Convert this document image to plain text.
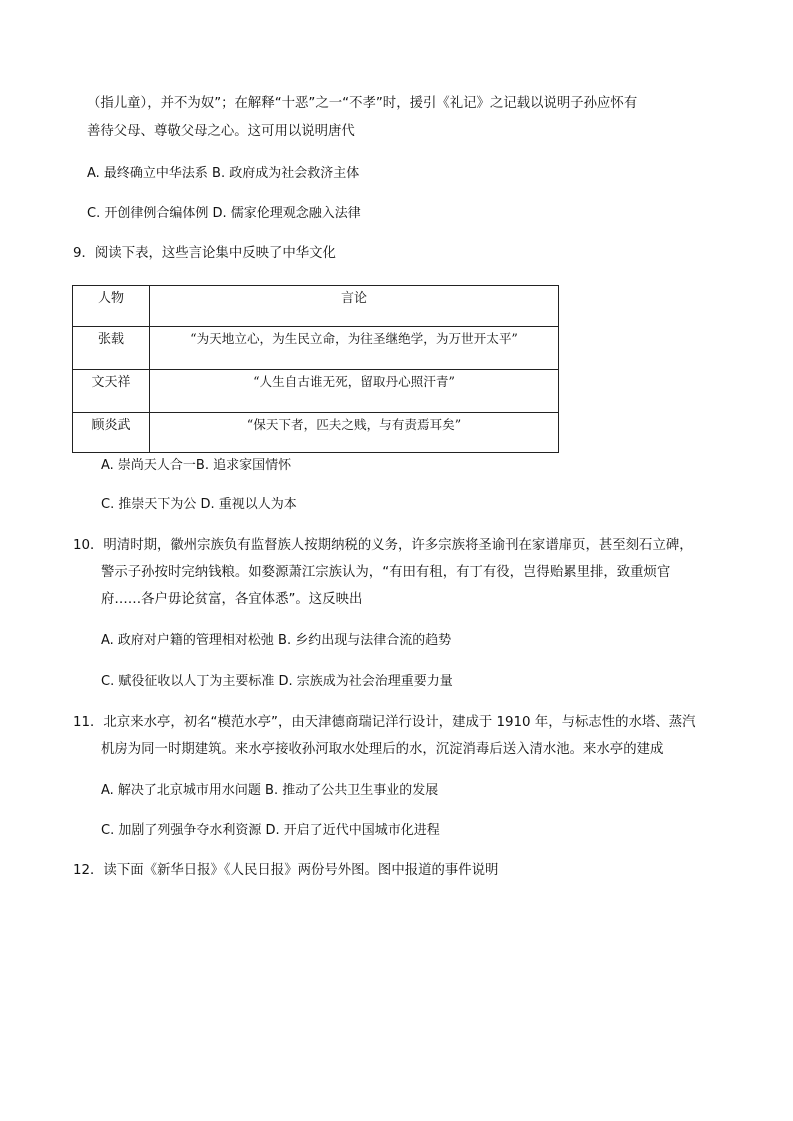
（指儿童），并不为奴”；在解释“十恶”之一“不孝”时，援引《礼记》之记载以说明子孙应怀有
善待父母、尊敬父母之心。这可用以说明唐代
A. 最终确立中华法系 B. 政府成为社会救济主体
C. 开创律例合编体例 D. 儒家伦理观念融入法律
9．阅读下表，这些言论集中反映了中华文化
人物	言论

张载	“为天地立心，为生民立命，为往圣继绝学，为万世开太平”

文天祥	“人生自古谁无死，留取丹心照汗青”

顾炎武	“保天下者，匹夫之贱，与有责焉耳矣”
A. 崇尚天人合一B. 追求家国情怀
C. 推崇天下为公 D. 重视以人为本
10．明清时期，徽州宗族负有监督族人按期纳税的义务，许多宗族将圣谕刊在家谱扉页，甚至刻石立碑，
警示子孙按时完纳钱粮。如婺源萧江宗族认为，“有田有租，有丁有役，岂得贻累里排，致重烦官
府……各户毋论贫富，各宜体悉”。这反映出
A. 政府对户籍的管理相对松弛 B. 乡约出现与法律合流的趋势
C. 赋役征收以人丁为主要标准 D. 宗族成为社会治理重要力量
11．北京来水亭，初名“模范水亭”，由天津德商瑞记洋行设计，建成于 1910 年，与标志性的水塔、蒸汽
机房为同一时期建筑。来水亭接收孙河取水处理后的水，沉淀消毒后送入清水池。来水亭的建成
A. 解决了北京城市用水问题 B. 推动了公共卫生事业的发展
C. 加剧了列强争夺水利资源 D. 开启了近代中国城市化进程
12．读下面《新华日报》《人民日报》两份号外图。图中报道的事件说明
